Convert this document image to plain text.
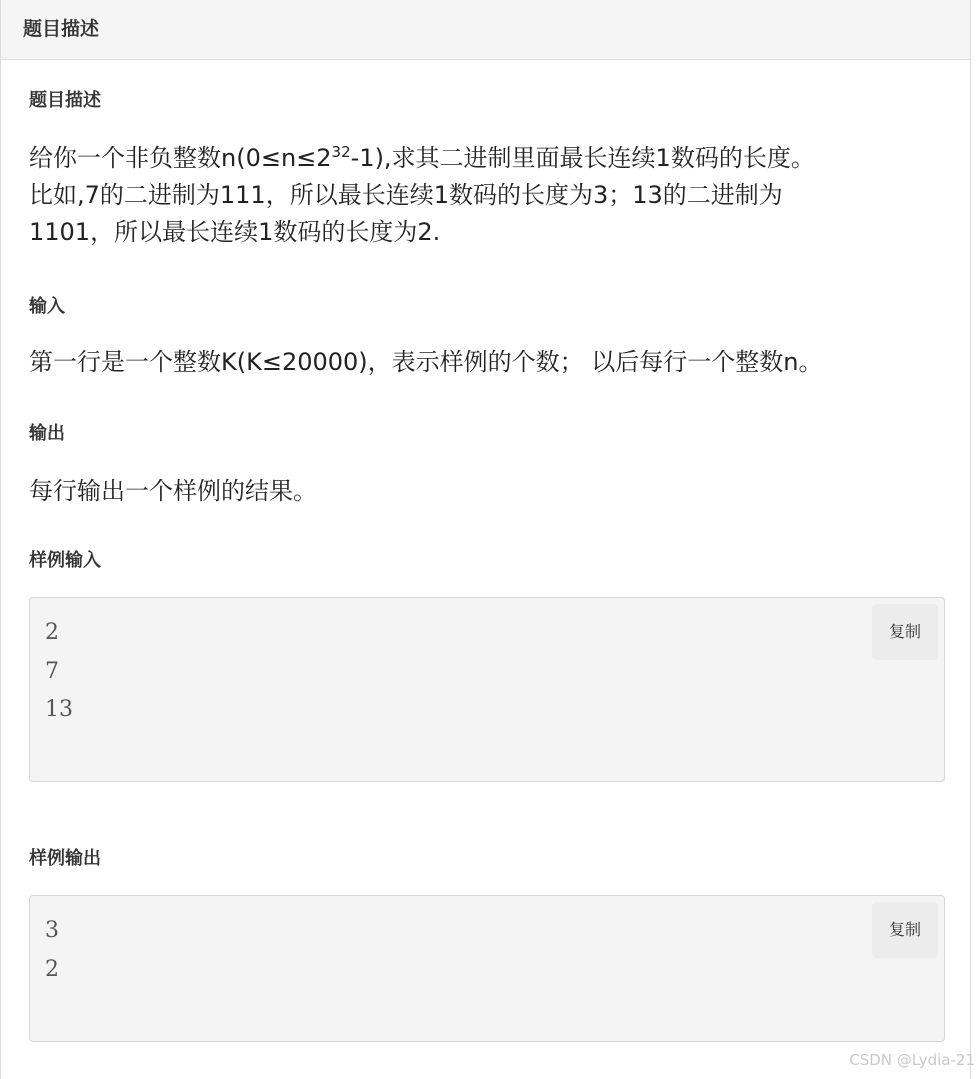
题目描述
题目描述

给你一个非负整数$n(0\le n\le 2^{32}-1)$,求其二进制里面最长连续1数码的长度。

比如,7的二进制为111，所以最长连续1数码的长度为3；13的二进制为

1101，所以最长连续1数码的长度为2.

输入
第一行是一个整数K(K≤20000)，表示样例的个数； 以后每行一个整数n。
输出
每行输出一个样例的结果。
样例输入
2
7
13
复制
样例输出
3
2
复制
CSDN @Lydia-21
